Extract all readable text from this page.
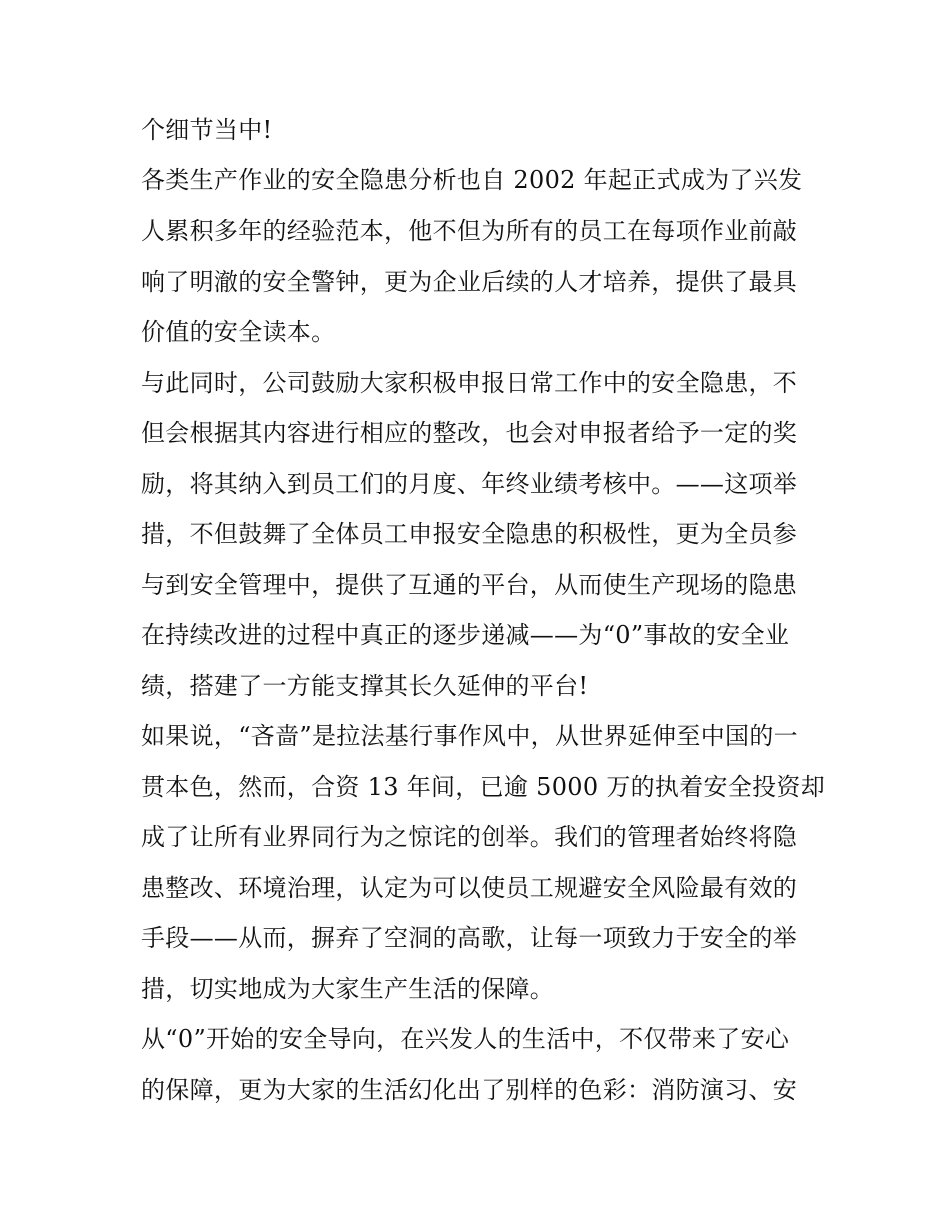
个细节当中!
各类生产作业的安全隐患分析也自 2002 年起正式成为了兴发
人累积多年的经验范本，他不但为所有的员工在每项作业前敲
响了明澈的安全警钟，更为企业后续的人才培养，提供了最具
价值的安全读本。
与此同时，公司鼓励大家积极申报日常工作中的安全隐患，不
但会根据其内容进行相应的整改，也会对申报者给予一定的奖
励，将其纳入到员工们的月度、年终业绩考核中。——这项举
措，不但鼓舞了全体员工申报安全隐患的积极性，更为全员参
与到安全管理中，提供了互通的平台，从而使生产现场的隐患
在持续改进的过程中真正的逐步递减——为“0”事故的安全业
绩，搭建了一方能支撑其长久延伸的平台!
如果说，“吝啬”是拉法基行事作风中，从世界延伸至中国的一
贯本色，然而，合资 13 年间，已逾 5000 万的执着安全投资却
成了让所有业界同行为之惊诧的创举。我们的管理者始终将隐
患整改、环境治理，认定为可以使员工规避安全风险最有效的
手段——从而，摒弃了空洞的高歌，让每一项致力于安全的举
措，切实地成为大家生产生活的保障。
从“0”开始的安全导向，在兴发人的生活中，不仅带来了安心
的保障，更为大家的生活幻化出了别样的色彩：消防演习、安
